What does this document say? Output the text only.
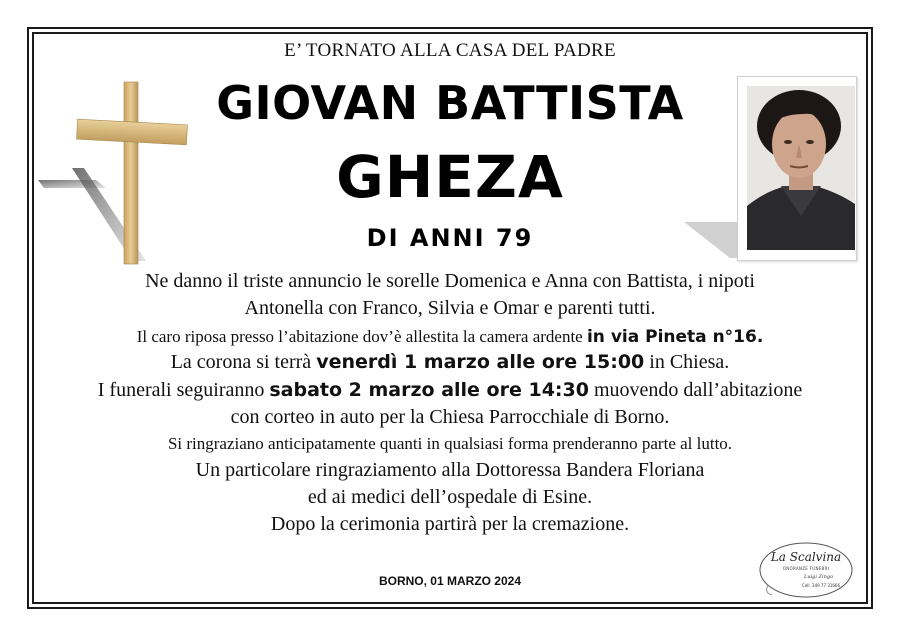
E’ TORNATO ALLA CASA DEL PADRE
GIOVAN BATTISTA
GHEZA
DI ANNI 79
Ne danno il triste annuncio le sorelle Domenica e Anna con Battista, i nipoti
Antonella con Franco, Silvia e Omar e parenti tutti.
Il caro riposa presso l’abitazione dov’è allestita la camera ardente in via Pineta n°16.
La corona si terrà venerdì 1 marzo alle ore 15:00 in Chiesa.
I funerali seguiranno sabato 2 marzo alle ore 14:30 muovendo dall’abitazione
con corteo in auto per la Chiesa Parrocchiale di Borno.
Si ringraziano anticipatamente quanti in qualsiasi forma prenderanno parte al lutto.
Un particolare ringraziamento alla Dottoressa Bandera Floriana
ed ai medici dell’ospedale di Esine.
Dopo la cerimonia partirà per la cremazione.
BORNO, 01 MARZO 2024
La Scalvina
ONORANZE FUNEBRI
Luigi Zingo
Cell. 349 77 31666
